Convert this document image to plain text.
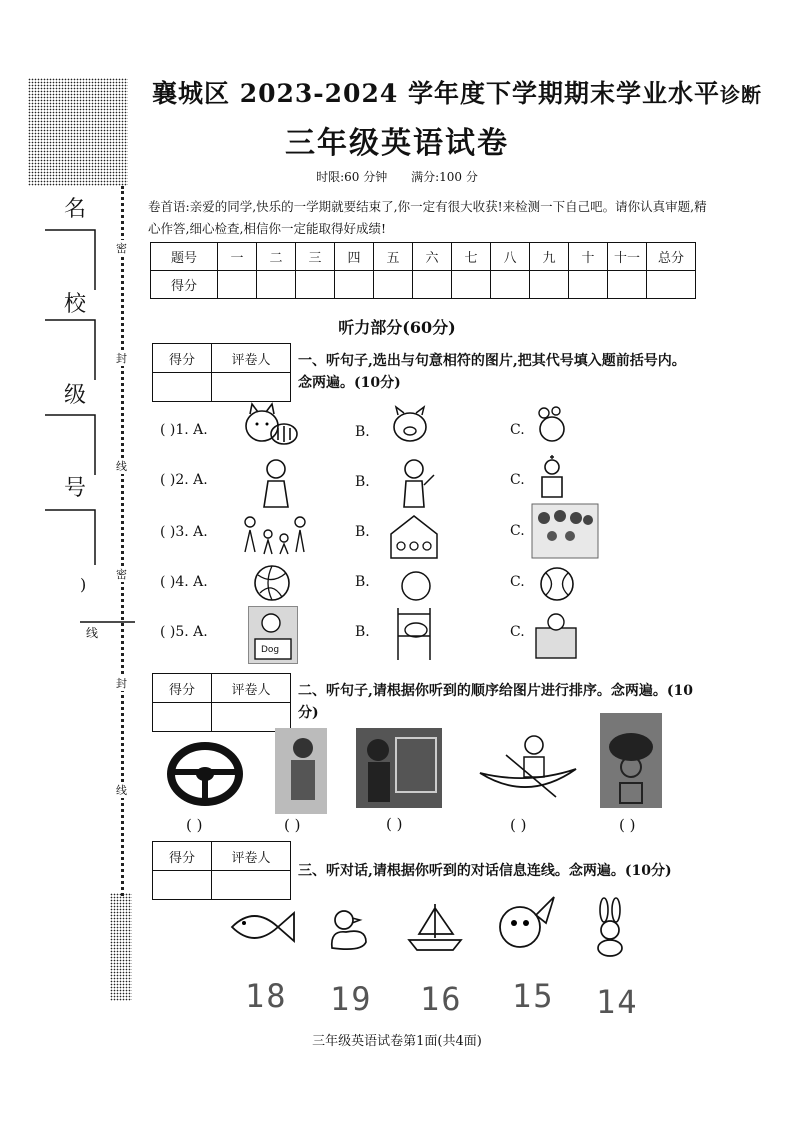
名
校
级
号
)
密
封
线
密
封
线
线
襄城区 2023-2024 学年度下学期期末学业水平诊断
三年级英语试卷
时限:60 分钟 满分:100 分
卷首语:亲爱的同学,快乐的一学期就要结束了,你一定有很大收获!来检测一下自己吧。请你认真审题,精心作答,细心检查,相信你一定能取得好成绩!
题号	一	二	三	四	五	六	七	八	九	十	十一	总分
得分												
听力部分(60分)
得分	评卷人
	一、听句子,选出与句意相符的图片,把其代号填入题前括号内。念两遍。(10分)
( )1. A.	B.	C.
( )2. A.	B.	C.
( )3. A.	B.	C.
( )4. A.	B.	C.
( )5. A.	B.	C.
Dog
得分	评卷人
	二、听句子,请根据你听到的顺序给图片进行排序。念两遍。(10分)
( )	( )	( )	( )	( )
得分	评卷人

三、听对话,请根据你听到的对话信息连线。念两遍。(10分)
18 19 16 15 14
三年级英语试卷第1面(共4面)
